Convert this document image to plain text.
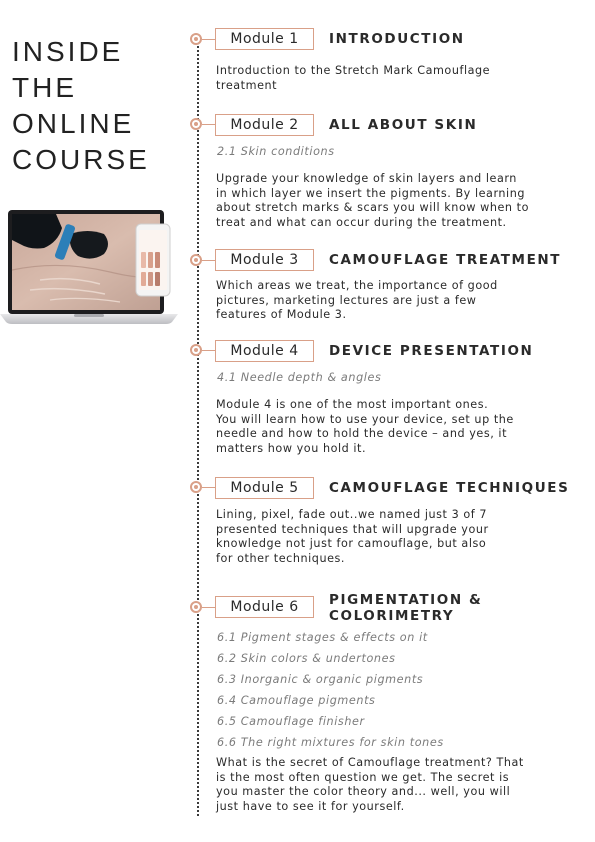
INSIDE
THE
ONLINE
COURSE
Module 1	INTRODUCTION
Introduction to the Stretch Mark Camouflage
treatment
Module 2	ALL ABOUT SKIN
2.1 Skin conditions
Upgrade your knowledge of skin layers and learn
in which layer we insert the pigments. By learning
about stretch marks & scars you will know when to
treat and what can occur during the treatment.
Module 3	CAMOUFLAGE TREATMENT
Which areas we treat, the importance of good
pictures, marketing lectures are just a few
features of Module 3.
Module 4	DEVICE PRESENTATION
4.1 Needle depth & angles
Module 4 is one of the most important ones.
You will learn how to use your device, set up the
needle and how to hold the device – and yes, it
matters how you hold it.
Module 5	CAMOUFLAGE TECHNIQUES
Lining, pixel, fade out..we named just 3 of 7
presented techniques that will upgrade your
knowledge not just for camouflage, but also
for other techniques.
Module 6	PIGMENTATION &
COLORIMETRY
6.1 Pigment stages & effects on it
6.2 Skin colors & undertones
6.3 Inorganic & organic pigments
6.4 Camouflage pigments
6.5 Camouflage finisher
6.6 The right mixtures for skin tones
What is the secret of Camouflage treatment? That
is the most often question we get. The secret is
you master the color theory and... well, you will
just have to see it for yourself.
